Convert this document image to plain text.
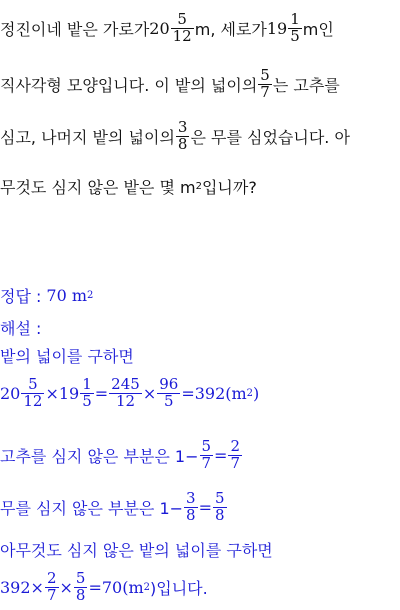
정진이네 밭은 가로가 $20 \frac{5}{12} m$, 세로가 $19 \frac{1}{5}$ m인
직사각형 모양입니다. 이 밭의 넓이의 $\frac{5}{7}$ 는 고추를
심고, 나머지 밭의 넓이의 $\frac{3}{8}$ 은 무를 심었습니다. 아
무것도 심지 않은 밭은 몇 m 2 입니까?
정답 : 70 m 2
해설 :
밭의 넓이를 구하면
$20 \frac{5}{12} \times 19 \frac{1}{5} = \frac{245}{12} \times \frac{96}{5} =392(m$ 2 )
고추를 심지 않은 부분은 $1- \frac{5}{7} = \frac{2}{7}$
무를 심지 않은 부분은 $1- \frac{3}{8} = \frac{5}{8}$
아무것도 심지 않은 밭의 넓이를 구하면
$392\times \frac{2}{7} \times \frac{5}{8} =70(m$ 2 )입니다.
